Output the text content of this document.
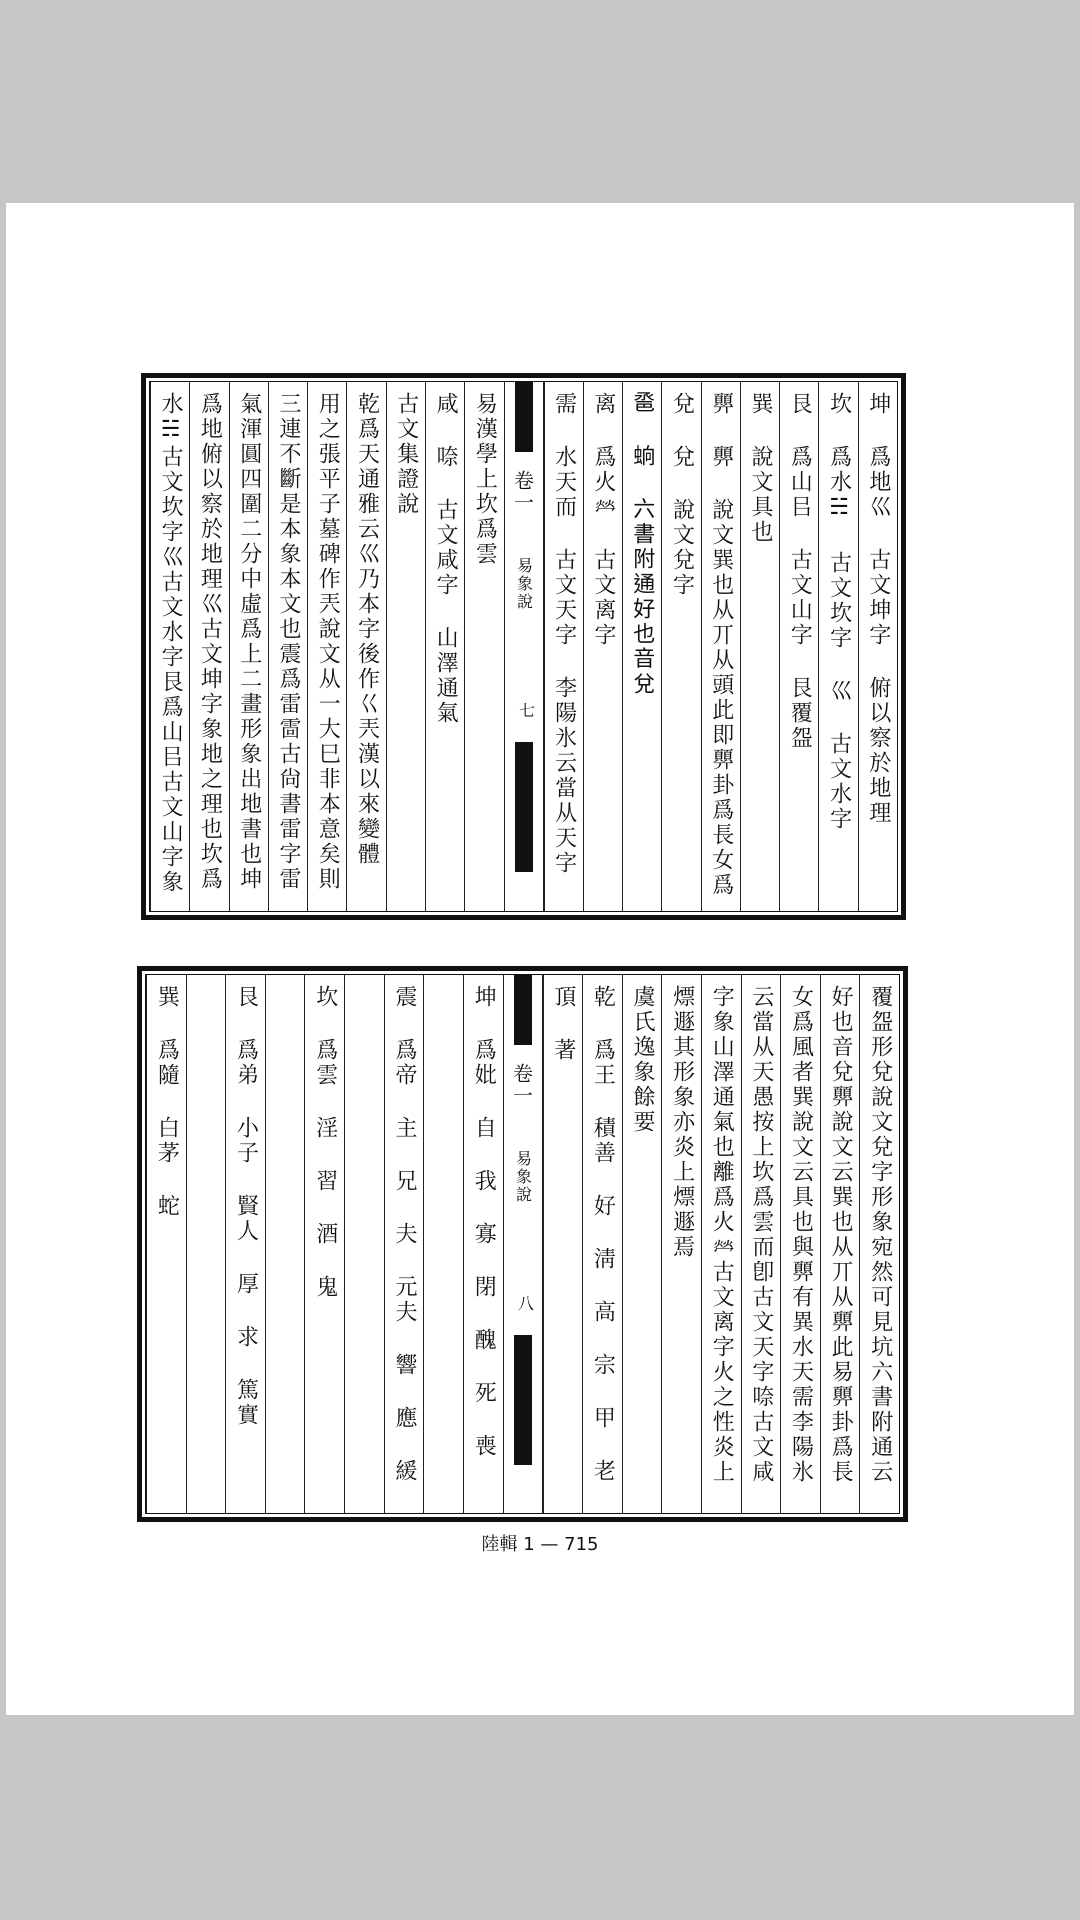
坤 爲地巛 古文坤字 俯以察於地理
坎 爲水☵ 古文坎字 巛 古文水字
艮 爲山㠯 古文山字 艮覆盌
巽 說文具也
顨 顨 說文巽也从丌从頭此即顨卦爲長女爲
兌 兌 說文兌字
𢀿 䖮 六書附通好也音兌
离 爲火𤇾 古文离字
需 水天而 古文天字 李陽氷云當从天字
卷一
易象說
七
易漢學上坎爲雲
咸 㖠 古文咸字 山澤通氣
古文集證說
乾爲天通雅云巛乃本字後作巜兲漢以來變體
用之張平子墓碑作兲說文从一大巳非本意矣則
三連不斷是本象本文也震爲雷䨓古尙書雷字雷
氣渾圓四圍二分中虛爲上二畫形象出地書也坤
爲地俯以察於地理巛古文坤字象地之理也坎爲
水☵古文坎字巛古文水字艮爲山㠯古文山字象
覆盌形兌說文兌字形象宛然可見坑六書附通云
好也音兌顨說文云巽也从丌从顨此易顨卦爲長
女爲風者巽說文云具也與顨有異水天需李陽氷
云當从天愚按上坎爲雲而卽古文天字㖠古文咸
字象山澤通氣也離爲火𤇾古文离字火之性炎上
熛遯其形象亦炎上熛遯焉
虞氏逸象餘要
乾 爲王 積善 好 淸 高 宗 甲 老
頂 著
卷一
易象說
八
坤 爲妣 自 我 寡 閉 醜 死 喪
震 爲帝 主 兄 夫 元夫 響 應 緩
坎 爲雲 淫 習 酒 鬼
艮 爲弟 小子 賢人 厚 求 篤實
巽 爲隨 白茅 蛇
陸輯 1 — 715
